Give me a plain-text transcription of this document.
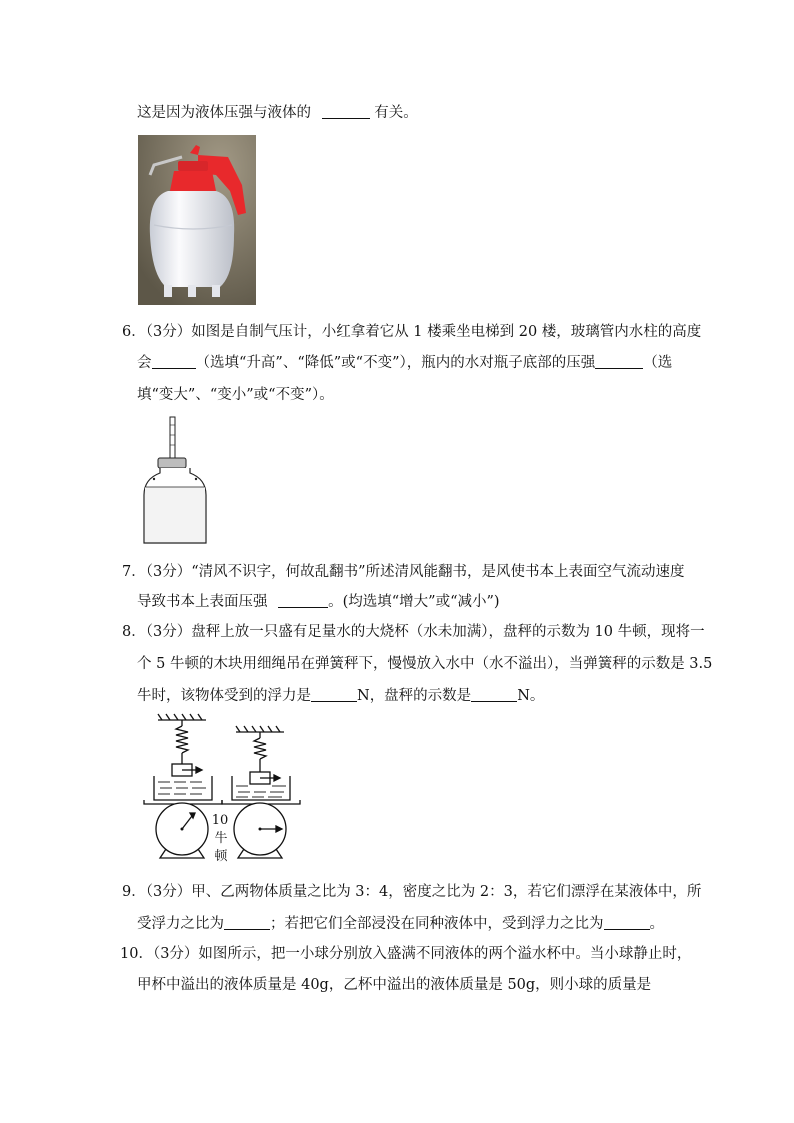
这是因为液体压强与液体的	有关。
6．（3分）如图是自制气压计，小红拿着它从 1 楼乘坐电梯到 20 楼，玻璃管内水柱的高度
会	（选填“升高”、“降低”或“不变”），瓶内的水对瓶子底部的压强	（选
填“变大”、“变小”或“不变”）。
7．（3分）“清风不识字，何故乱翻书”所述清风能翻书，是风使书本上表面空气流动速度
导致书本上表面压强	。(均选填“增大”或“减小”)
8．（3分）盘秤上放一只盛有足量水的大烧杯（水未加满），盘秤的示数为 10 牛顿，现将一
个 5 牛顿的木块用细绳吊在弹簧秤下，慢慢放入水中（水不溢出），当弹簧秤的示数是 3.5
牛时，该物体受到的浮力是	N，盘秤的示数是	N。
10
牛
顿
9．（3分）甲、乙两物体质量之比为 3：4，密度之比为 2：3，若它们漂浮在某液体中，所
受浮力之比为	；若把它们全部浸没在同种液体中，受到浮力之比为	。
10．（3分）如图所示，把一小球分别放入盛满不同液体的两个溢水杯中。当小球静止时，
甲杯中溢出的液体质量是 40g，乙杯中溢出的液体质量是 50g，则小球的质量是
